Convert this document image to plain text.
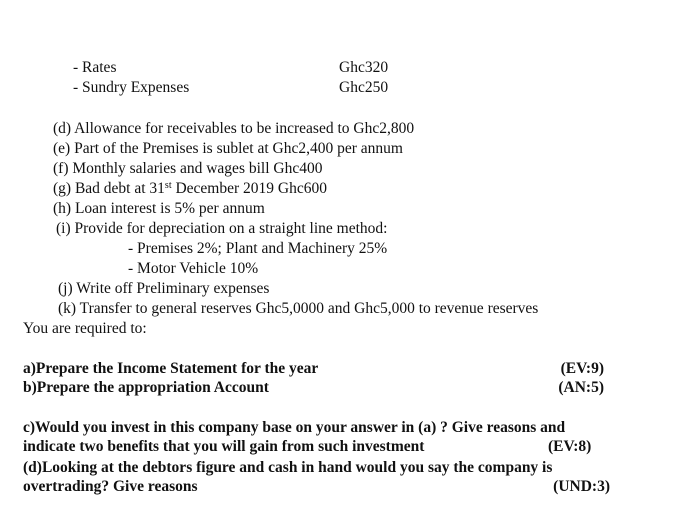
- Rates	Ghc320
- Sundry Expenses	Ghc250
(d) Allowance for receivables to be increased to Ghc2,800
(e) Part of the Premises is sublet at Ghc2,400 per annum
(f) Monthly salaries and wages bill Ghc400
(g) Bad debt at 31st December 2019 Ghc600
(h) Loan interest is 5% per annum
(i) Provide for depreciation on a straight line method:
- Premises 2%; Plant and Machinery 25%
- Motor Vehicle 10%
(j) Write off Preliminary expenses
(k) Transfer to general reserves Ghc5,0000 and Ghc5,000 to revenue reserves
You are required to:
a)Prepare the Income Statement for the year	(EV:9)
b)Prepare the appropriation Account	(AN:5)
c)Would you invest in this company base on your answer in (a) ? Give reasons and
indicate two benefits that you will gain from such investment	(EV:8)
(d)Looking at the debtors figure and cash in hand would you say the company is
overtrading? Give reasons	(UND:3)
